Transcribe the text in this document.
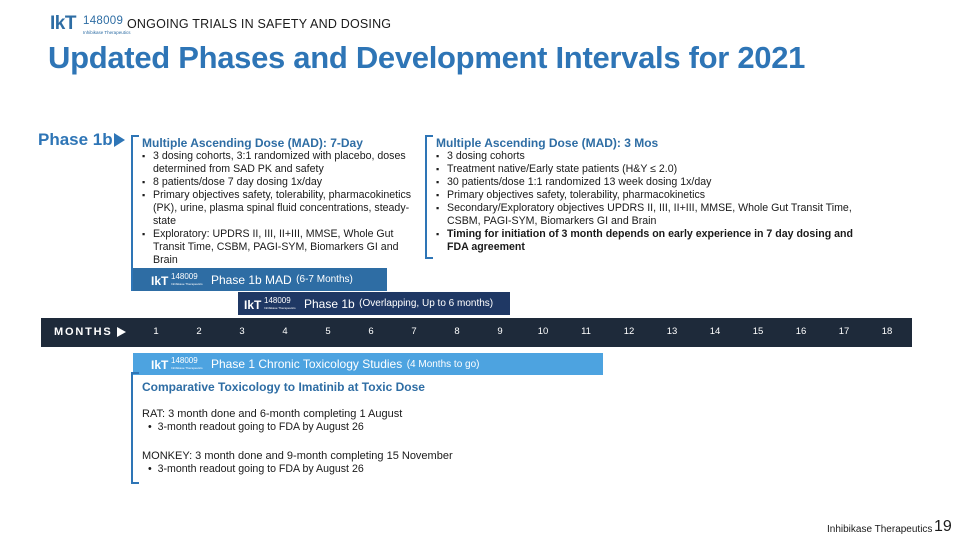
IkT 148009
Inhibikase Therapeutics
ONGOING TRIALS IN SAFETY AND DOSING
Updated Phases and Development Intervals for 2021
Phase 1b Multiple Ascending Dose (MAD): 7-Day
▪ 3 dosing cohorts, 3:1 randomized with placebo, doses determined from SAD PK and safety
▪ 8 patients/dose 7 day dosing 1x/day
▪ Primary objectives safety, tolerability, pharmacokinetics (PK), urine, plasma spinal fluid concentrations, steady-state
▪ Exploratory: UPDRS II, III, II+III, MMSE, Whole Gut Transit Time, CSBM, PAGI-SYM, Biomarkers GI and Brain
Multiple Ascending Dose (MAD): 3 Mos
▪ 3 dosing cohorts
▪ Treatment native/Early state patients (H&Y ≤ 2.0)
▪ 30 patients/dose 1:1 randomized 13 week dosing 1x/day
▪ Primary objectives safety, tolerability, pharmacokinetics
▪ Secondary/Exploratory objectives UPDRS II, III, II+III, MMSE, Whole Gut Transit Time, CSBM, PAGI-SYM, Biomarkers GI and Brain
▪ Timing for initiation of 3 month depends on early experience in 7 day dosing and FDA agreement
IkT 148009
Inhibikase Therapeutics Phase 1b MAD
(6-7 Months)
IkT 148009
Inhibikase Therapeutics Phase 1b
(Overlapping, Up to 6 months)
MONTHS	1	2	3	4	5	6	7	8	9	10	11	12	13	14	15	16	17	18
IkT 148009
Inhibikase Therapeutics Phase 1 Chronic Toxicology Studies
(4 Months to go)
Comparative Toxicology to Imatinib at Toxic Dose
RAT: 3 month done and 6-month completing 1 August
•  3-month readout going to FDA by August 26
MONKEY: 3 month done and 9-month completing 15 November
•  3-month readout going to FDA by August 26
Inhibikase Therapeutics 19
